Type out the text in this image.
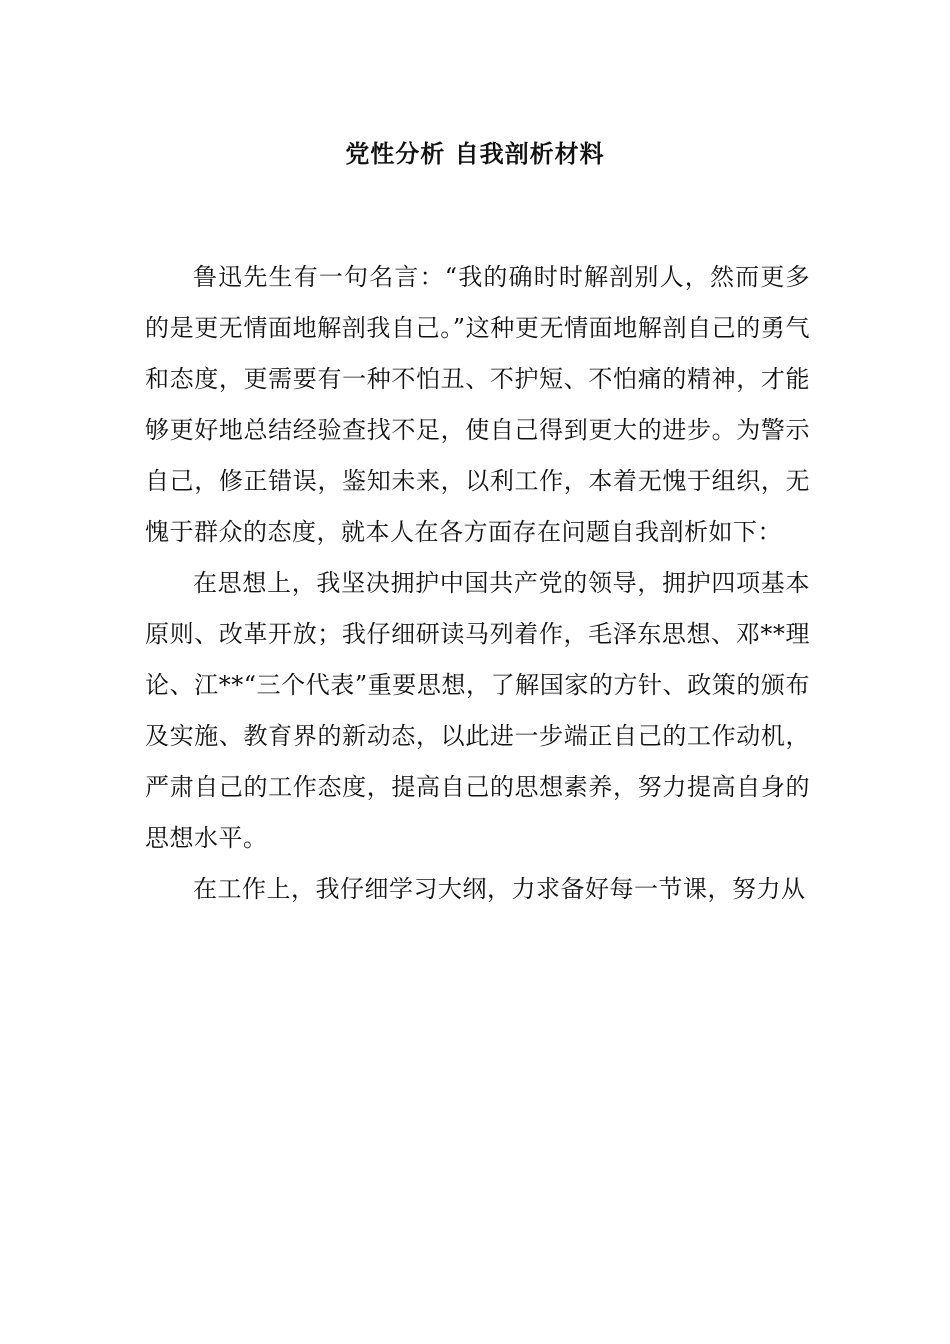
党性分析 自我剖析材料

鲁迅先生有一句名言：“我的确时时解剖别人，然而更多的是更无情面地解剖我自己。”这种更无情面地解剖自己的勇气和态度，更需要有一种不怕丑、不护短、不怕痛的精神，才能够更好地总结经验查找不足，使自己得到更大的进步。为警示自己，修正错误，鉴知未来，以利工作，本着无愧于组织，无愧于群众的态度，就本人在各方面存在问题自我剖析如下：

在思想上，我坚决拥护中国共产党的领导，拥护四项基本原则、改革开放；我仔细研读马列着作，毛泽东思想、邓**理论、江**“三个代表”重要思想，了解国家的方针、政策的颁布及实施、教育界的新动态，以此进一步端正自己的工作动机，严肃自己的工作态度，提高自己的思想素养，努力提高自身的思想水平。

在工作上，我仔细学习大纲，力求备好每一节课，努力从
